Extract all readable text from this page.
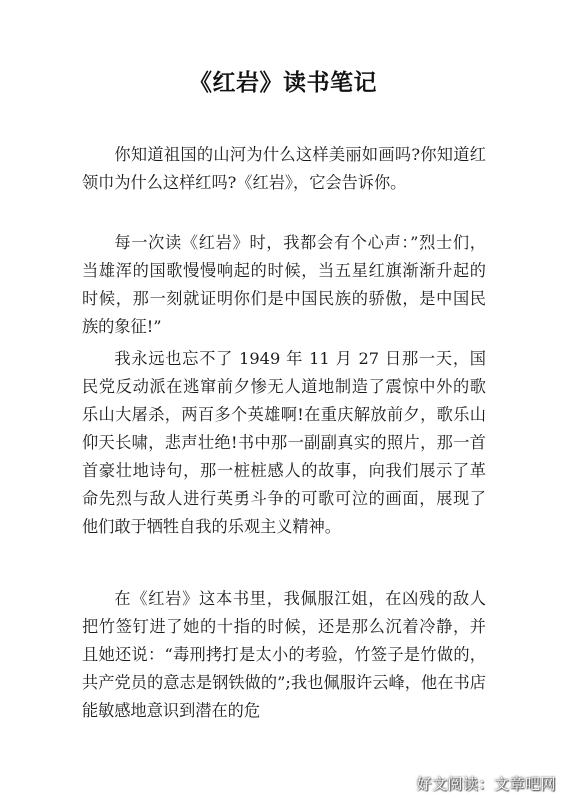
《红岩》读书笔记

你知道祖国的山河为什么这样美丽如画吗?你知道红领巾为什么这样红吗?《红岩》，它会告诉你。

每一次读《红岩》时，我都会有个心声：”烈士们，当雄浑的国歌慢慢响起的时候，当五星红旗渐渐升起的时候，那一刻就证明你们是中国民族的骄傲，是中国民族的象征!”

我永远也忘不了 1949 年 11 月 27 日那一天，国民党反动派在逃窜前夕惨无人道地制造了震惊中外的歌乐山大屠杀，两百多个英雄啊!在重庆解放前夕，歌乐山仰天长啸，悲声壮绝!书中那一副副真实的照片，那一首首豪壮地诗句，那一桩桩感人的故事，向我们展示了革命先烈与敌人进行英勇斗争的可歌可泣的画面，展现了他们敢于牺牲自我的乐观主义精神。

在《红岩》这本书里，我佩服江姐，在凶残的敌人把竹签钉进了她的十指的时候，还是那么沉着冷静，并且她还说：“毒刑拷打是太小的考验，竹签子是竹做的，共产党员的意志是钢铁做的”;我也佩服许云峰，他在书店能敏感地意识到潜在的危

好文阅读：文章吧网
